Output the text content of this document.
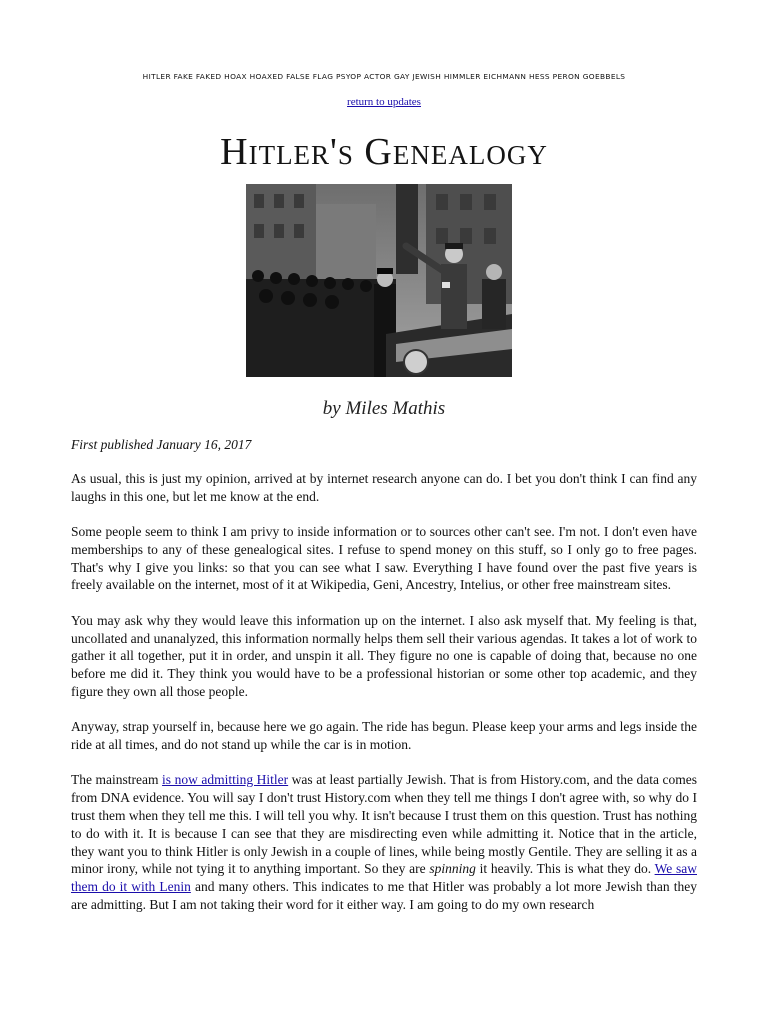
HITLER FAKE FAKED HOAX HOAXED FALSE FLAG PSYOP ACTOR GAY JEWISH HIMMLER EICHMANN HESS PERON GOEBBELS
return to updates
Hitler's Genealogy
by Miles Mathis
First published January 16, 2017

As usual, this is just my opinion, arrived at by internet research anyone can do. I bet you don't think I can find any laughs in this one, but let me know at the end.

Some people seem to think I am privy to inside information or to sources other can't see. I'm not. I don't even have memberships to any of these genealogical sites. I refuse to spend money on this stuff, so I only go to free pages. That's why I give you links: so that you can see what I saw. Everything I have found over the past five years is freely available on the internet, most of it at Wikipedia, Geni, Ancestry, Intelius, or other free mainstream sites.

You may ask why they would leave this information up on the internet. I also ask myself that. My feeling is that, uncollated and unanalyzed, this information normally helps them sell their various agendas. It takes a lot of work to gather it all together, put it in order, and unspin it all. They figure no one is capable of doing that, because no one before me did it. They think you would have to be a professional historian or some other top academic, and they figure they own all those people.

Anyway, strap yourself in, because here we go again. The ride has begun. Please keep your arms and legs inside the ride at all times, and do not stand up while the car is in motion.

The mainstream is now admitting Hitler was at least partially Jewish. That is from History.com, and the data comes from DNA evidence. You will say I don't trust History.com when they tell me things I don't agree with, so why do I trust them when they tell me this. I will tell you why. It isn't because I trust them on this question. Trust has nothing to do with it. It is because I can see that they are misdirecting even while admitting it. Notice that in the article, they want you to think Hitler is only Jewish in a couple of lines, while being mostly Gentile. They are selling it as a minor irony, while not tying it to anything important. So they are spinning it heavily. This is what they do. We saw them do it with Lenin and many others. This indicates to me that Hitler was probably a lot more Jewish than they are admitting. But I am not taking their word for it either way. I am going to do my own research
